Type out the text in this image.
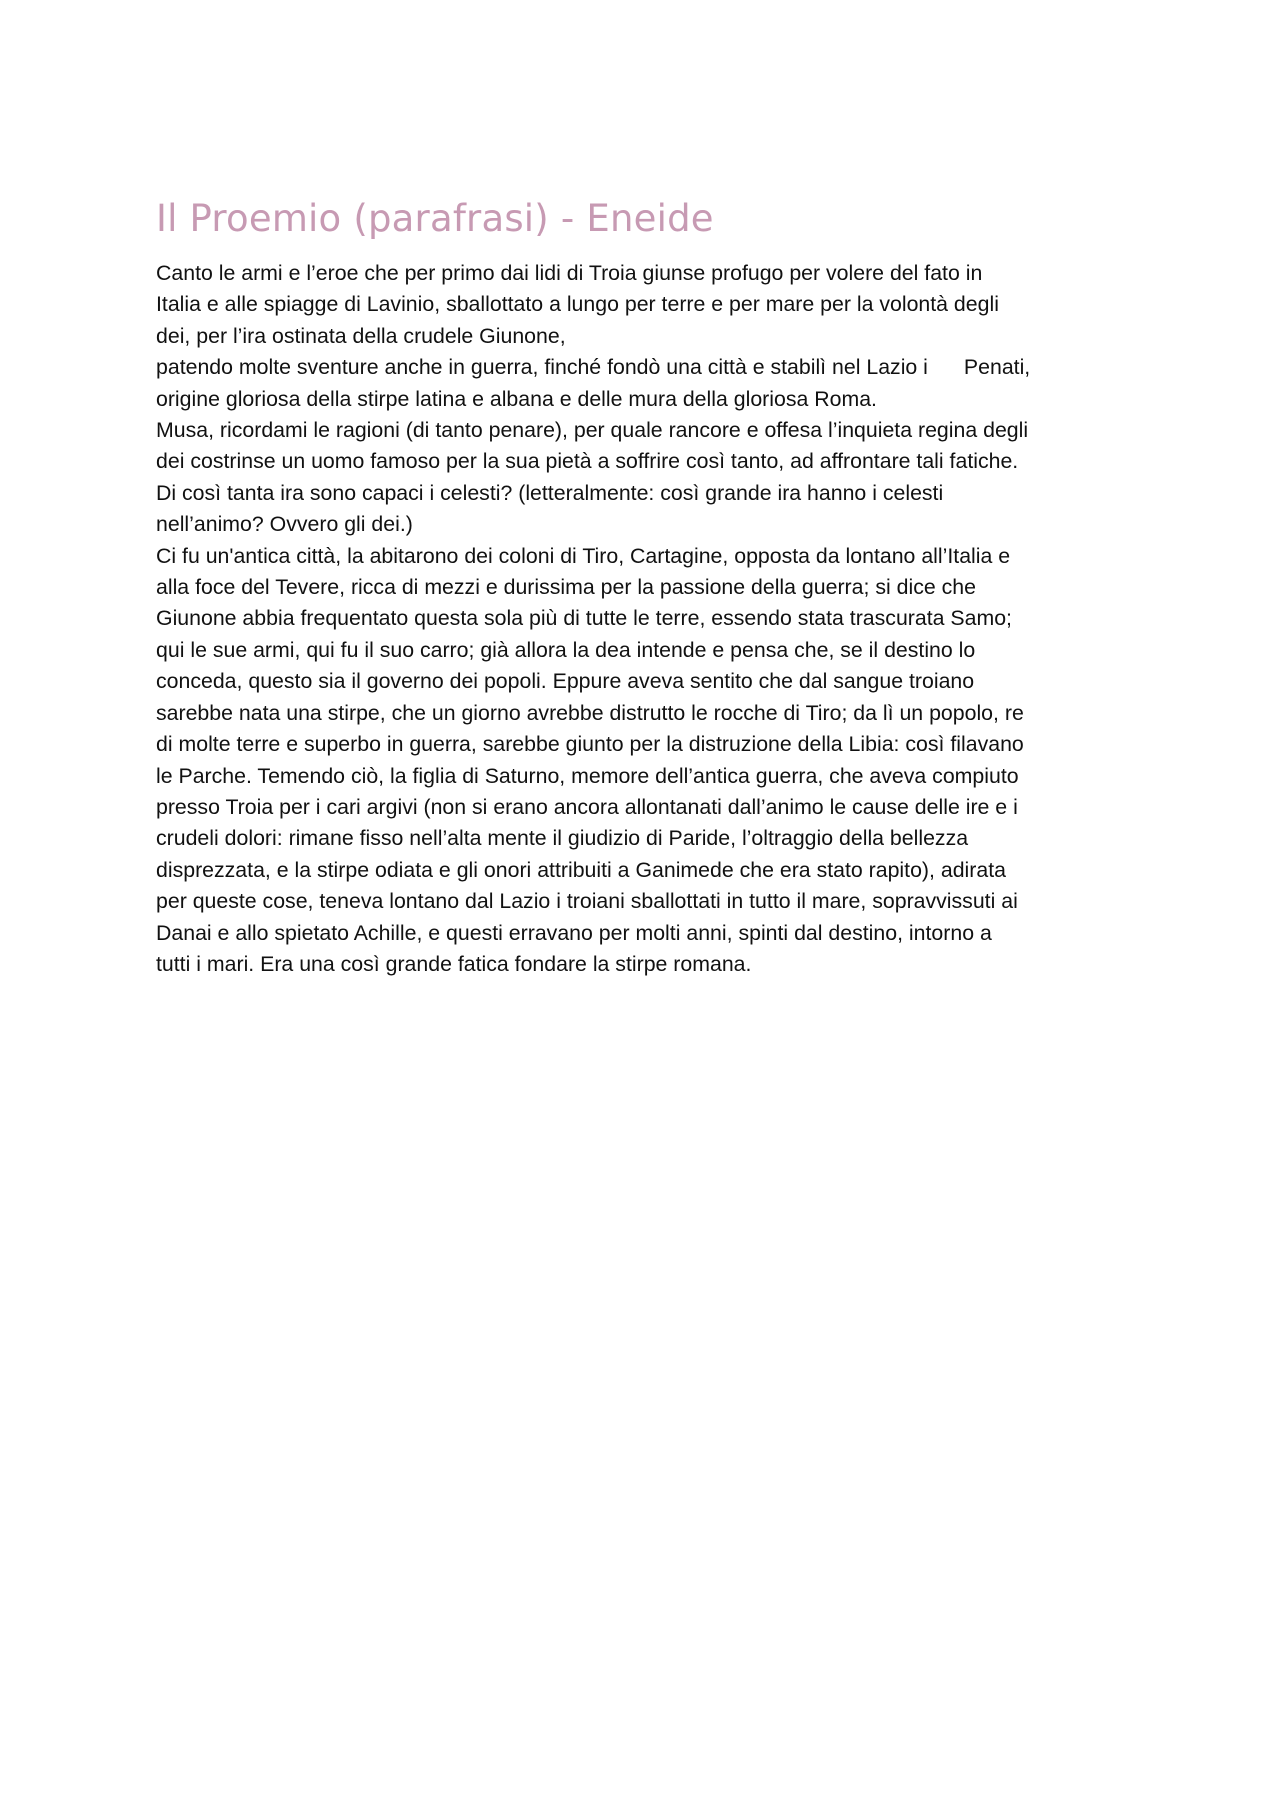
Il Proemio (parafrasi) - Eneide
Canto le armi e l’eroe che per primo dai lidi di Troia giunse profugo per volere del fato in
Italia e alle spiagge di Lavinio, sballottato a lungo per terre e per mare per la volontà degli
dei, per l’ira ostinata della crudele Giunone,
patendo molte sventure anche in guerra, finché fondò una città e stabilì nel Lazio i Penati,
origine gloriosa della stirpe latina e albana e delle mura della gloriosa Roma.
Musa, ricordami le ragioni (di tanto penare), per quale rancore e offesa l’inquieta regina degli
dei costrinse un uomo famoso per la sua pietà a soffrire così tanto, ad affrontare tali fatiche.
Di così tanta ira sono capaci i celesti? (letteralmente: così grande ira hanno i celesti
nell’animo? Ovvero gli dei.)
Ci fu un'antica città, la abitarono dei coloni di Tiro, Cartagine, opposta da lontano all’Italia e
alla foce del Tevere, ricca di mezzi e durissima per la passione della guerra; si dice che
Giunone abbia frequentato questa sola più di tutte le terre, essendo stata trascurata Samo;
qui le sue armi, qui fu il suo carro; già allora la dea intende e pensa che, se il destino lo
conceda, questo sia il governo dei popoli. Eppure aveva sentito che dal sangue troiano
sarebbe nata una stirpe, che un giorno avrebbe distrutto le rocche di Tiro; da lì un popolo, re
di molte terre e superbo in guerra, sarebbe giunto per la distruzione della Libia: così filavano
le Parche. Temendo ciò, la figlia di Saturno, memore dell’antica guerra, che aveva compiuto
presso Troia per i cari argivi (non si erano ancora allontanati dall’animo le cause delle ire e i
crudeli dolori: rimane fisso nell’alta mente il giudizio di Paride, l’oltraggio della bellezza
disprezzata, e la stirpe odiata e gli onori attribuiti a Ganimede che era stato rapito), adirata
per queste cose, teneva lontano dal Lazio i troiani sballottati in tutto il mare, sopravvissuti ai
Danai e allo spietato Achille, e questi erravano per molti anni, spinti dal destino, intorno a
tutti i mari. Era una così grande fatica fondare la stirpe romana.
